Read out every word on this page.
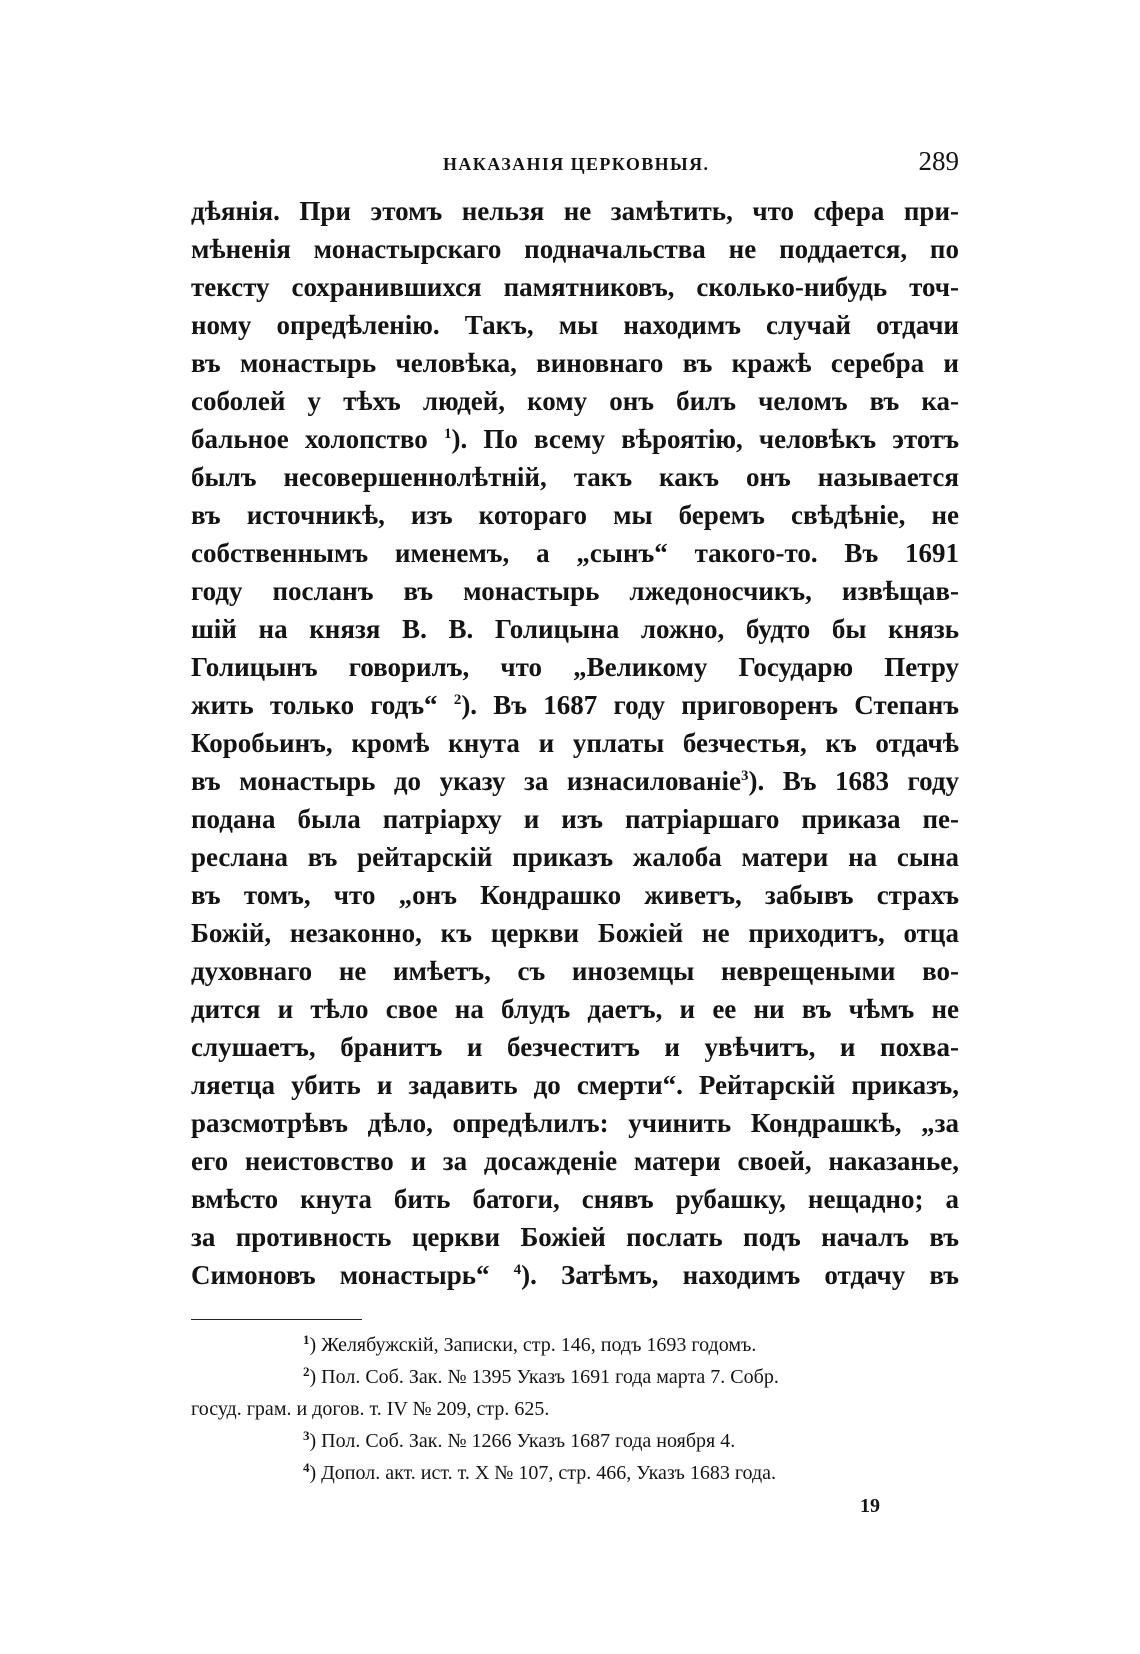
НАКАЗАНІЯ ЦЕРКОВНЫЯ.	289
дѣянія. При этомъ нельзя не замѣтить, что сфера при-
мѣненія монастырскаго подначальства не поддается, по
тексту сохранившихся памятниковъ, сколько-нибудь точ-
ному опредѣленію. Такъ, мы находимъ случай отдачи
въ монастырь человѣка, виновнаго въ кражѣ серебра и
соболей у тѣхъ людей, кому онъ билъ челомъ въ ка-
бальное холопство $^1$). По всему вѣроятію, человѣкъ этотъ
былъ несовершеннолѣтній, такъ какъ онъ называется
въ источникѣ, изъ котораго мы беремъ свѣдѣніе, не
собственнымъ именемъ, а „сынъ“ такого-то. Въ 1691
году посланъ въ монастырь лжедоносчикъ, извѣщав-
шій на князя В. В. Голицына ложно, будто бы князь
Голицынъ говорилъ, что „Великому Государю Петру
жить только годъ“ $^2$). Въ 1687 году приговоренъ Степанъ
Коробьинъ, кромѣ кнута и уплаты безчестья, къ отдачѣ
въ монастырь до указу за изнасилованіе$^3$). Въ 1683 году
подана была патріарху и изъ патріаршаго приказа пе-
реслана въ рейтарскій приказъ жалоба матери на сына
въ томъ, что „онъ Кондрашко живетъ, забывъ страхъ
Божій, незаконно, къ церкви Божіей не приходитъ, отца
духовнаго не имѣетъ, съ иноземцы неврещеными во-
дится и тѣло свое на блудъ даетъ, и ее ни въ чѣмъ не
слушаетъ, бранитъ и безчеститъ и увѣчитъ, и похва-
ляетца убить и задавить до смерти“. Рейтарскій приказъ,
разсмотрѣвъ дѣло, опредѣлилъ: учинить Кондрашкѣ, „за
его неистовство и за досажденіе матери своей, наказанье,
вмѣсто кнута бить батоги, снявъ рубашку, нещадно; а
за противность церкви Божіей послать подъ началъ въ
Симоновъ монастырь“ $^4$). Затѣмъ, находимъ отдачу въ
$^1$) Желябужскій, Записки, стр. 146, подъ 1693 годомъ.
$^2$) Пол. Соб. Зак. № 1395 Указъ 1691 года марта 7. Собр.
госуд. грам. и догов. т. IV № 209, стр. 625.
$^3$) Пол. Соб. Зак. № 1266 Указъ 1687 года ноября 4.
$^4$) Допол. акт. ист. т. X № 107, стр. 466, Указъ 1683 года.
19
